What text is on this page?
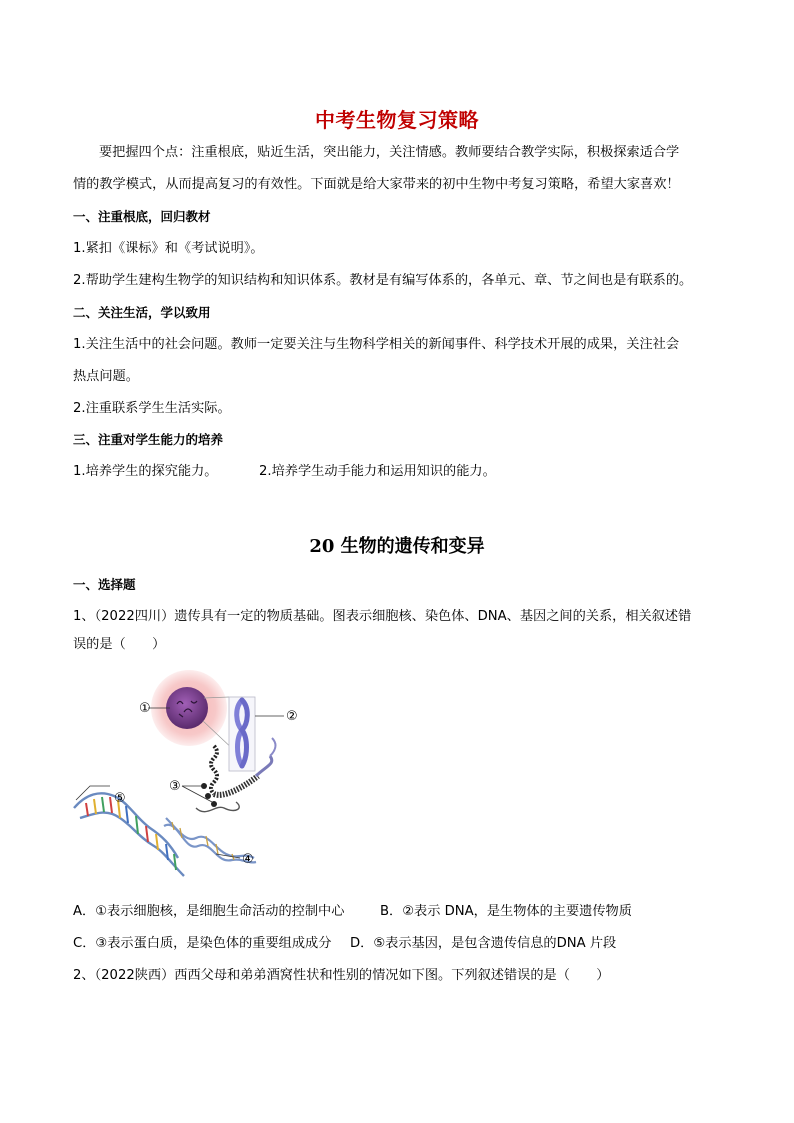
中考生物复习策略
要把握四个点：注重根底，贴近生活，突出能力，关注情感。教师要结合教学实际，积极探索适合学
情的教学模式，从而提高复习的有效性。下面就是给大家带来的初中生物中考复习策略，希望大家喜欢！
一、注重根底，回归教材
1.紧扣《课标》和《考试说明》。
2.帮助学生建构生物学的知识结构和知识体系。教材是有编写体系的，各单元、章、节之间也是有联系的。
二、关注生活，学以致用
1.关注生活中的社会问题。教师一定要关注与生物科学相关的新闻事件、科学技术开展的成果，关注社会
热点问题。
2.注重联系学生生活实际。
三、注重对学生能力的培养
1.培养学生的探究能力。	2.培养学生动手能力和运用知识的能力。
20 生物的遗传和变异
一、选择题
1、（2022四川）遗传具有一定的物质基础。图表示细胞核、染色体、DNA、基因之间的关系，相关叙述错
误的是（　　）
①
②
③
④
⑤
A．①表示细胞核，是细胞生命活动的控制中心	B．②表示 DNA，是生物体的主要遗传物质
C．③表示蛋白质，是染色体的重要组成成分	D．⑤表示基因，是包含遗传信息的DNA 片段
2、（2022陕西）西西父母和弟弟酒窝性状和性别的情况如下图。下列叙述错误的是（　　）
